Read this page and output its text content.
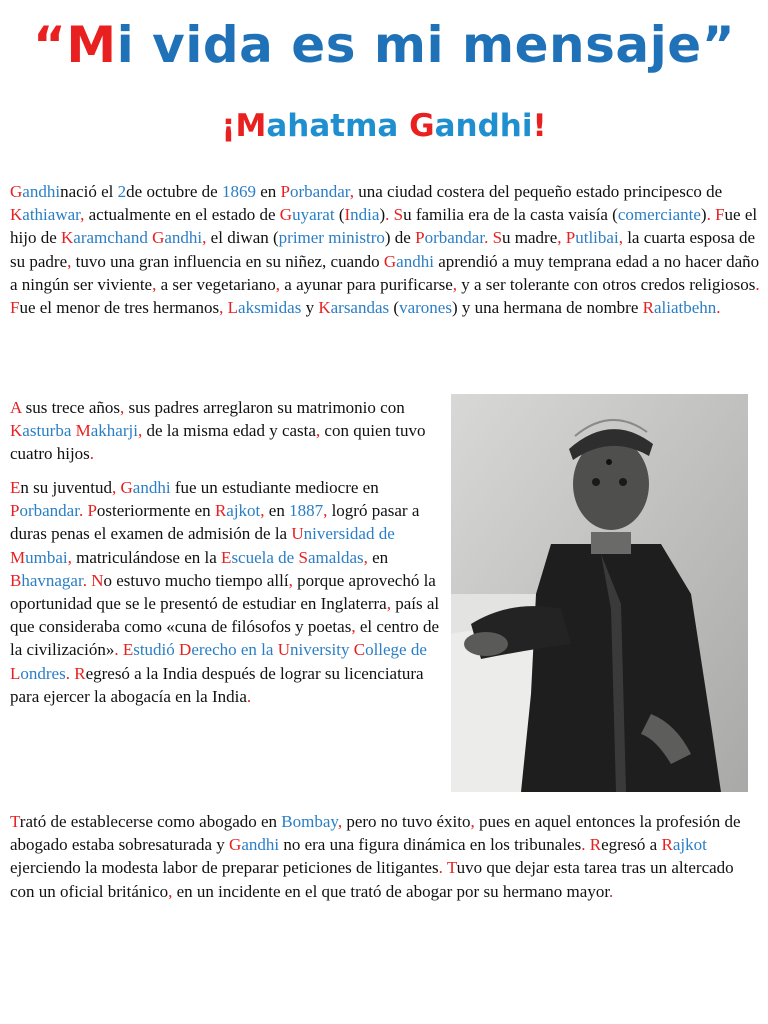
“Mi vida es mi mensaje”
¡Mahatma Gandhi!

Gandhinació el 2de octubre de 1869 en Porbandar, una ciudad costera del pequeño estado principesco de Kathiawar, actualmente en el estado de Guyarat (India). Su familia era de la casta vaisía (comerciante). Fue el hijo de Karamchand Gandhi, el diwan (primer ministro) de Porbandar. Su madre, Putlibai, la cuarta esposa de su padre, tuvo una gran influencia en su niñez, cuando Gandhi aprendió a muy temprana edad a no hacer daño a ningún ser viviente, a ser vegetariano, a ayunar para purificarse, y a ser tolerante con otros credos religiosos. Fue el menor de tres hermanos, Laksmidas y Karsandas (varones) y una hermana de nombre Raliatbehn.

A sus trece años, sus padres arreglaron su matrimonio con Kasturba Makharji, de la misma edad y casta, con quien tuvo cuatro hijos.

En su juventud, Gandhi fue un estudiante mediocre en Porbandar. Posteriormente en Rajkot, en 1887, logró pasar a duras penas el examen de admisión de la Universidad de Mumbai, matriculándose en la Escuela de Samaldas, en Bhavnagar. No estuvo mucho tiempo allí, porque aprovechó la oportunidad que se le presentó de estudiar en Inglaterra, país al que consideraba como «cuna de filósofos y poetas, el centro de la civilización». Estudió Derecho en la University College de Londres. Regresó a la India después de lograr su licenciatura para ejercer la abogacía en la India.

Trató de establecerse como abogado en Bombay, pero no tuvo éxito, pues en aquel entonces la profesión de abogado estaba sobresaturada y Gandhi no era una figura dinámica en los tribunales. Regresó a Rajkot ejerciendo la modesta labor de preparar peticiones de litigantes. Tuvo que dejar esta tarea tras un altercado con un oficial británico, en un incidente en el que trató de abogar por su hermano mayor.
